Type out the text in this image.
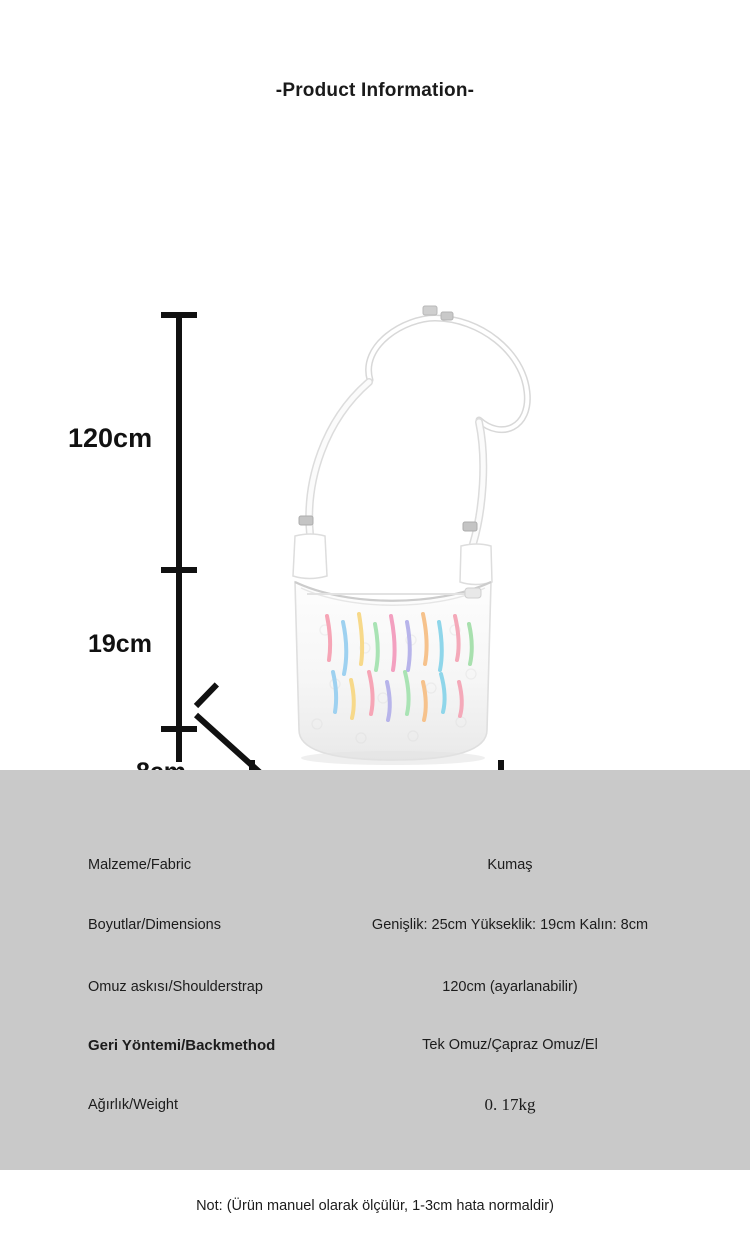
-Product Information-
120cm
19cm
Malzeme/Fabric	Kumaş
Boyutlar/Dimensions	Genişlik: 25cm Yükseklik: 19cm Kalın: 8cm
Omuz askısı/Shoulderstrap	120cm (ayarlanabilir)
Geri Yöntemi/Backmethod	Tek Omuz/Çapraz Omuz/El
Ağırlık/Weight	0. 17kg
Not: (Ürün manuel olarak ölçülür, 1-3cm hata normaldir)
